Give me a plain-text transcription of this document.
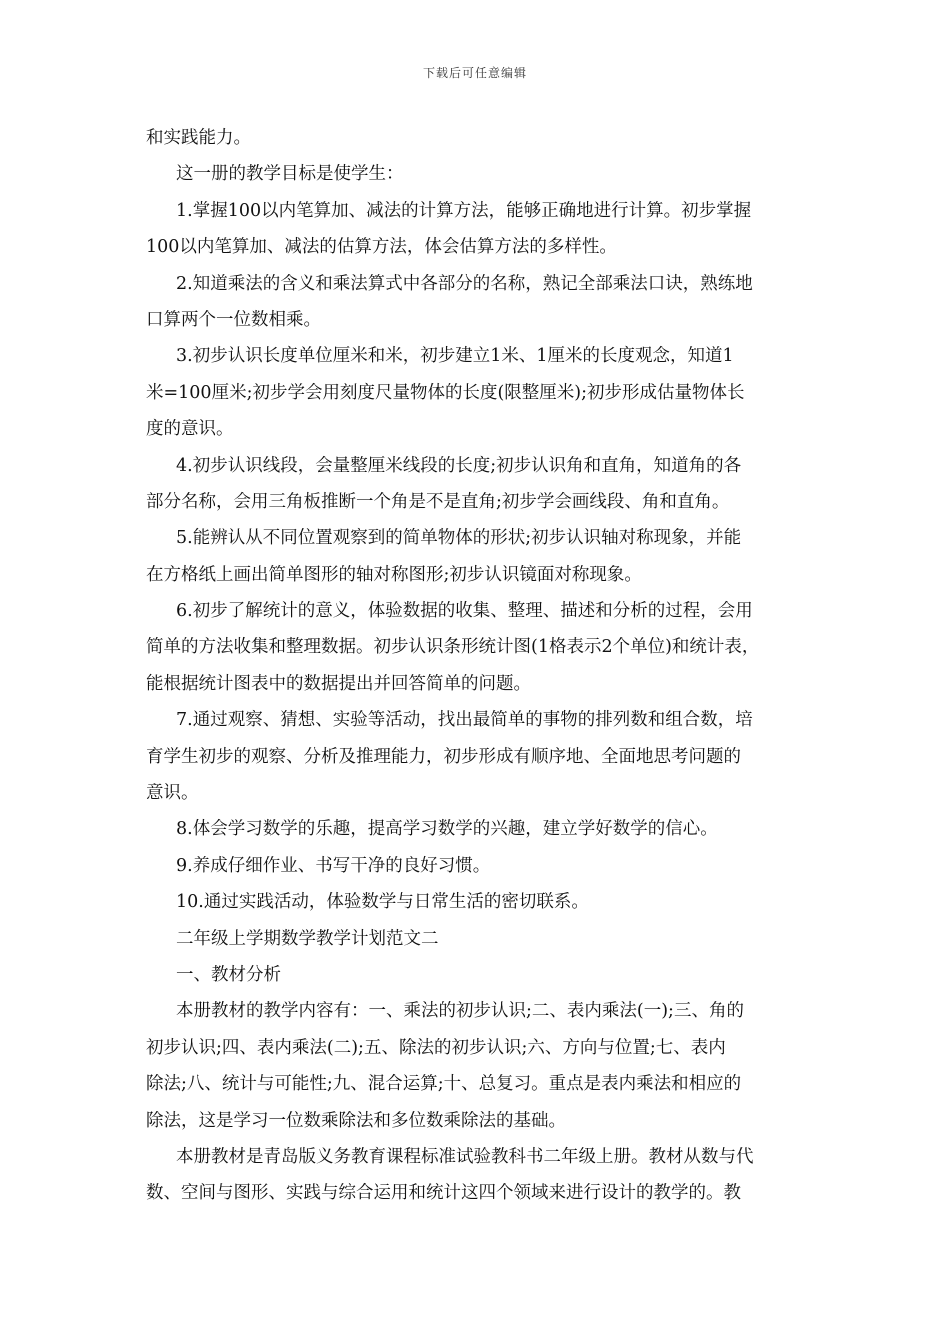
下载后可任意编辑
和实践能力。
这一册的教学目标是使学生：
1.掌握100以内笔算加、减法的计算方法，能够正确地进行计算。初步掌握
100以内笔算加、减法的估算方法，体会估算方法的多样性。
2.知道乘法的含义和乘法算式中各部分的名称，熟记全部乘法口诀，熟练地
口算两个一位数相乘。
3.初步认识长度单位厘米和米，初步建立1米、1厘米的长度观念，知道1
米=100厘米;初步学会用刻度尺量物体的长度(限整厘米);初步形成估量物体长
度的意识。
4.初步认识线段，会量整厘米线段的长度;初步认识角和直角，知道角的各
部分名称，会用三角板推断一个角是不是直角;初步学会画线段、角和直角。
5.能辨认从不同位置观察到的简单物体的形状;初步认识轴对称现象，并能
在方格纸上画出简单图形的轴对称图形;初步认识镜面对称现象。
6.初步了解统计的意义，体验数据的收集、整理、描述和分析的过程，会用
简单的方法收集和整理数据。初步认识条形统计图(1格表示2个单位)和统计表，
能根据统计图表中的数据提出并回答简单的问题。
7.通过观察、猜想、实验等活动，找出最简单的事物的排列数和组合数，培
育学生初步的观察、分析及推理能力，初步形成有顺序地、全面地思考问题的
意识。
8.体会学习数学的乐趣，提高学习数学的兴趣，建立学好数学的信心。
9.养成仔细作业、书写干净的良好习惯。
10.通过实践活动，体验数学与日常生活的密切联系。
二年级上学期数学教学计划范文二
一、教材分析
本册教材的教学内容有：一、乘法的初步认识;二、表内乘法(一);三、角的
初步认识;四、表内乘法(二);五、除法的初步认识;六、方向与位置;七、表内
除法;八、统计与可能性;九、混合运算;十、总复习。重点是表内乘法和相应的
除法，这是学习一位数乘除法和多位数乘除法的基础。
本册教材是青岛版义务教育课程标准试验教科书二年级上册。教材从数与代
数、空间与图形、实践与综合运用和统计这四个领域来进行设计的教学的。教
